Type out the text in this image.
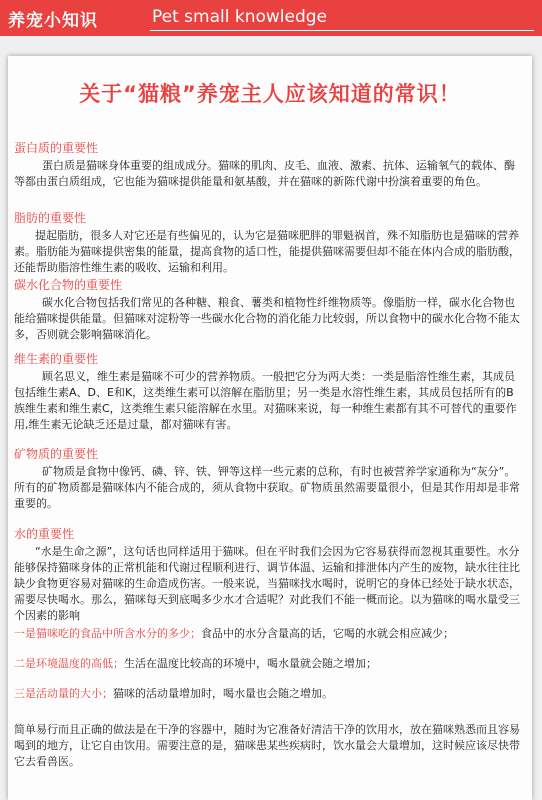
养宠小知识	Pet small knowledge
关于“猫粮”养宠主人应该知道的常识！
蛋白质的重要性
蛋白质是猫咪身体重要的组成成分。猫咪的肌肉、皮毛、血液、激素、抗体、运输氧气的载体、酶等都由蛋白质组成，它也能为猫咪提供能量和氨基酸，并在猫咪的新陈代谢中扮演着重要的角色。
脂肪的重要性
提起脂肪，很多人对它还是有些偏见的，认为它是猫咪肥胖的罪魁祸首，殊不知脂肪也是猫咪的营养素。脂肪能为猫咪提供密集的能量，提高食物的适口性，能提供猫咪需要但却不能在体内合成的脂肪酸，还能帮助脂溶性维生素的吸收、运输和利用。
碳水化合物的重要性
碳水化合物包括我们常见的各种糖、粮食、薯类和植物性纤维物质等。像脂肪一样，碳水化合物也能给猫咪提供能量。但猫咪对淀粉等一些碳水化合物的消化能力比较弱，所以食物中的碳水化合物不能太多，否则就会影响猫咪消化。
维生素的重要性
顾名思义，维生素是猫咪不可少的营养物质。一般把它分为两大类：一类是脂溶性维生素，其成员包括维生素A、D、E和K，这类维生素可以溶解在脂肪里；另一类是水溶性维生素，其成员包括所有的B族维生素和维生素C，这类维生素只能溶解在水里。对猫咪来说，每一种维生素都有其不可替代的重要作用,维生素无论缺乏还是过量，都对猫咪有害。
矿物质的重要性
矿物质是食物中像钙、磷、锌、铁、钾等这样一些元素的总称，有时也被营养学家通称为“灰分”。所有的矿物质都是猫咪体内不能合成的，须从食物中获取。矿物质虽然需要量很小，但是其作用却是非常重要的。
水的重要性
“水是生命之源”，这句话也同样适用于猫咪。但在平时我们会因为它容易获得而忽视其重要性。水分能够保持猫咪身体的正常机能和代谢过程顺利进行、调节体温、运输和排泄体内产生的废物，缺水往往比缺少食物更容易对猫咪的生命造成伤害。一般来说，当猫咪找水喝时，说明它的身体已经处于缺水状态，需要尽快喝水。那么，猫咪每天到底喝多少水才合适呢？对此我们不能一概而论。以为猫咪的喝水量受三个因素的影响
一是猫咪吃的食品中所含水分的多少；食品中的水分含量高的话，它喝的水就会相应减少；
二是环境温度的高低；生活在温度比较高的环境中，喝水量就会随之增加；
三是活动量的大小；猫咪的活动量增加时，喝水量也会随之增加。
简单易行而且正确的做法是在干净的容器中，随时为它准备好清洁干净的饮用水，放在猫咪熟悉而且容易喝到的地方，让它自由饮用。需要注意的是，猫咪患某些疾病时，饮水量会大量增加，这时候应该尽快带它去看兽医。
